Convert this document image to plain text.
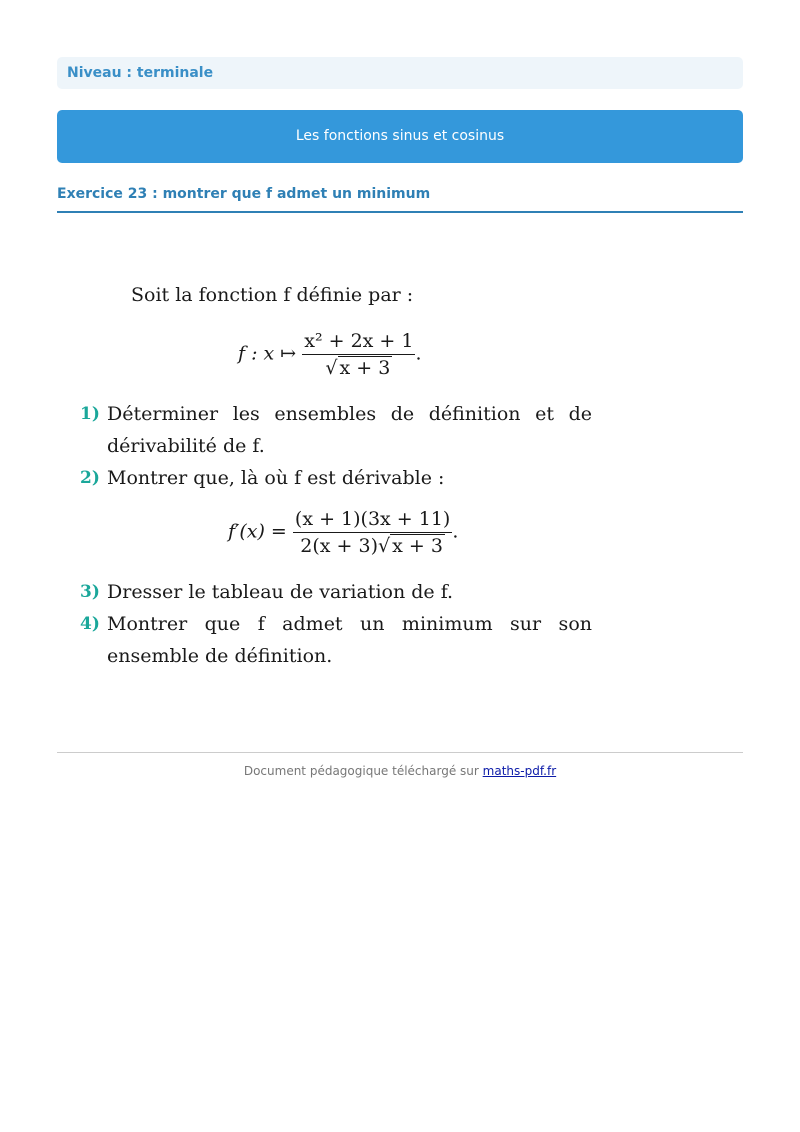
Niveau : terminale
Les fonctions sinus et cosinus
Exercice 23 : montrer que f admet un minimum
Soit la fonction f définie par :
f : x ↦ $\frac{\text{x² + 2x + 1}}{√ x + 3}$ .
1) Déterminer les ensembles de définition et de dérivabilité de f.
2) Montrer que, là où f est dérivable :
$f'(x) = \frac{(x + 1)(3x + 11)}{2(x + 3)√ x + 3}$ .
3) Dresser le tableau de variation de f.
4) Montrer que f admet un minimum sur son ensemble de définition.
Document pédagogique téléchargé sur maths-pdf.fr
